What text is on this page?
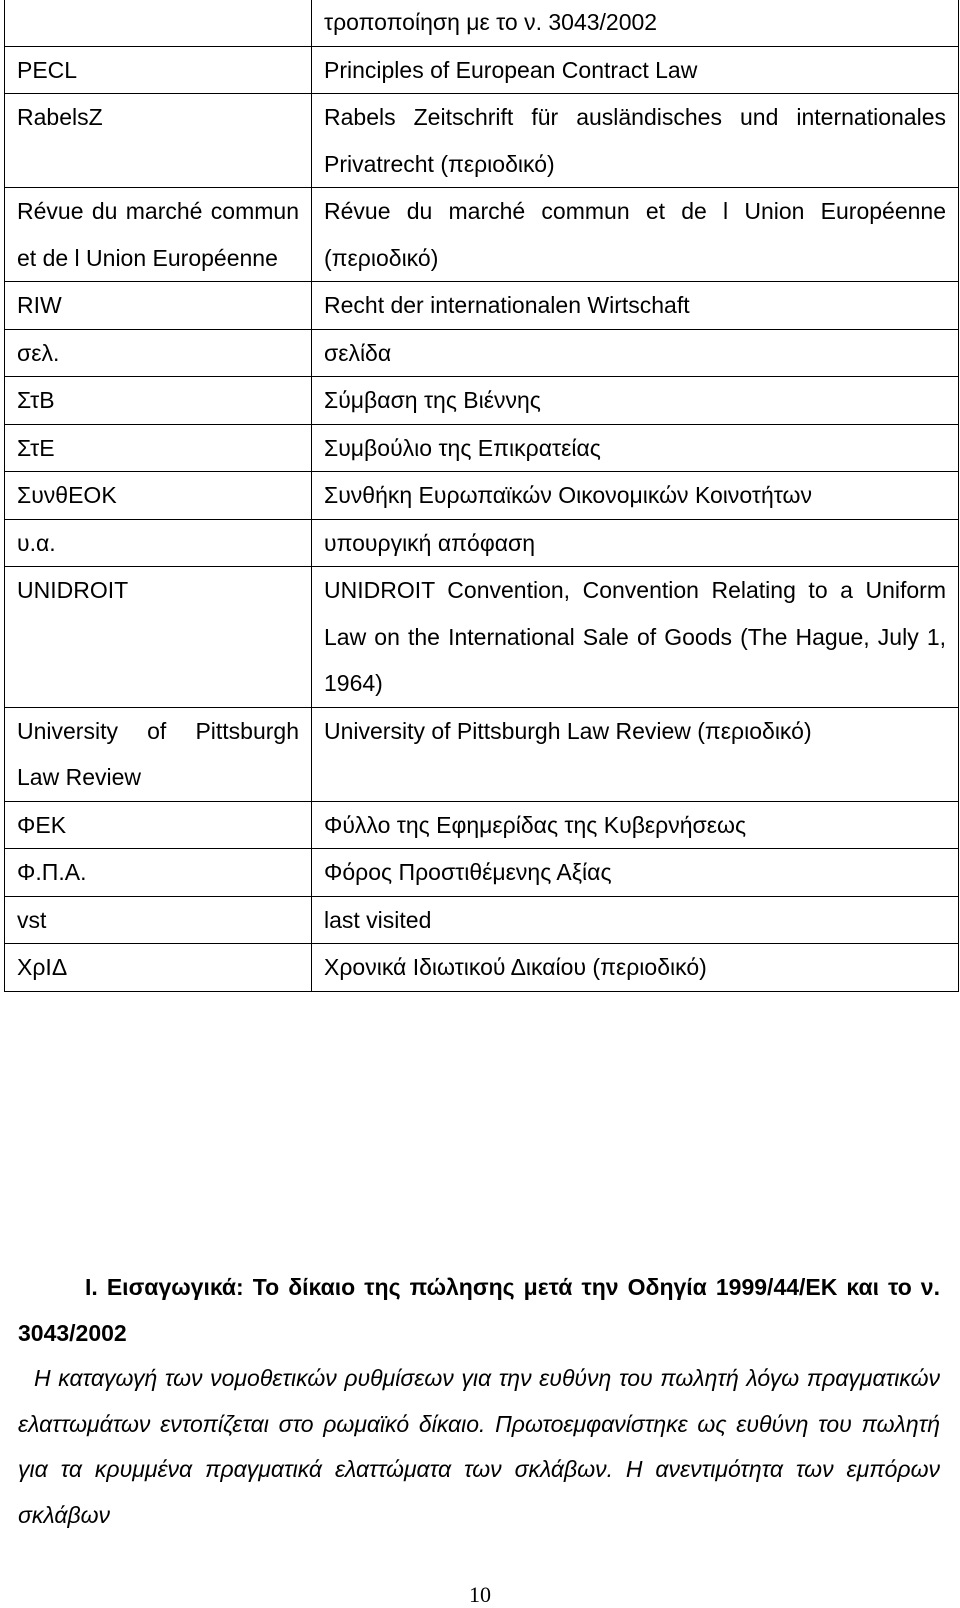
	τροποποίηση με το ν. 3043/2002
PECL	Principles of European Contract Law
RabelsZ	Rabels Zeitschrift für ausländisches und internationales Privatrecht (περιοδικό)
Révue du marché commun et de l Union Européenne	Révue du marché commun et de l Union Européenne (περιοδικό)
RIW	Recht der internationalen Wirtschaft
σελ.	σελίδα
ΣτΒ	Σύμβαση της Βιέννης
ΣτΕ	Συμβούλιο της Επικρατείας
ΣυνθΕΟΚ	Συνθήκη Ευρωπαϊκών Οικονομικών Κοινοτήτων
υ.α.	υπουργική απόφαση
UNIDROIT	UNIDROIT Convention, Convention Relating to a Uniform Law on the International Sale of Goods (The Hague, July 1, 1964)
University of Pittsburgh Law Review	University of Pittsburgh Law Review (περιοδικό)
ΦΕΚ	Φύλλο της Εφημερίδας της Κυβερνήσεως
Φ.Π.Α.	Φόρος Προστιθέμενης Αξίας
vst	last visited
ΧρΙΔ	Χρονικά Ιδιωτικού Δικαίου (περιοδικό)
Ι. Εισαγωγικά: Το δίκαιο της πώλησης μετά την Οδηγία 1999/44/ΕΚ και το ν. 3043/2002
Η καταγωγή των νομοθετικών ρυθμίσεων για την ευθύνη του πωλητή λόγω πραγματικών ελαττωμάτων εντοπίζεται στο ρωμαϊκό δίκαιο. Πρωτοεμφανίστηκε ως ευθύνη του πωλητή για τα κρυμμένα πραγματικά ελαττώματα των σκλάβων. Η ανεντιμότητα των εμπόρων σκλάβων
10
